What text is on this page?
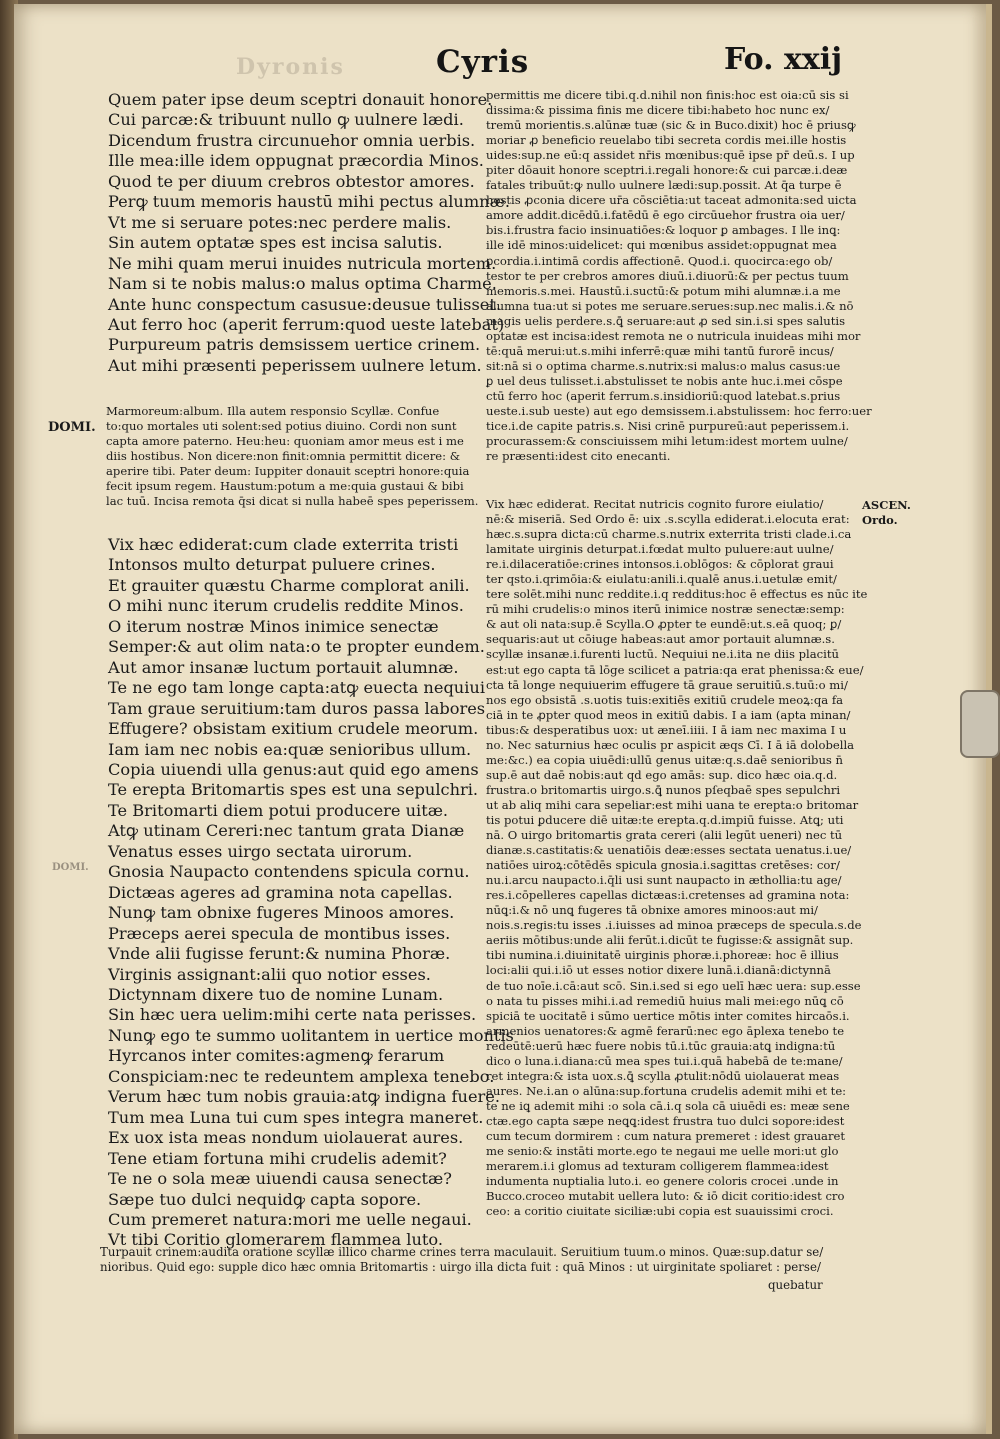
Dyronis	Cyris	Fo. xxij
Quem pater ipse deum sceptri donauit honore.
Cui parcæ:& tribuunt nullo ꝙ uulnere lædi.
Dicendum frustra circunuehor omnia uerbis.
Ille mea:ille idem oppugnat præcordia Minos.
Quod te per diuum crebros obtestor amores.
Perꝙ tuum memoris haustū mihi pectus alumnæ.
Vt me si seruare potes:nec perdere malis.
Sin autem optatæ spes est incisa salutis.
Ne mihi quam merui inuides nutricula mortem.
Nam si te nobis malus:o malus optima Charme.
Ante hunc conspectum casusue:deusue tulisset.
Aut ferro hoc (aperit ferrum:quod ueste latebat)
Purpureum patris demsissem uertice crinem.
Aut mihi præsenti peperissem uulnere letum.
Marmoreum:album. Illa autem responsio Scyllæ. Confue
to:quo mortales uti solent:sed potius diuino. Cordi non sunt
capta amore paterno. Heu:heu: quoniam amor meus est i me
diis hostibus. Non dicere:non finit:omnia permittit dicere: &
aperire tibi. Pater deum: Iuppiter donauit sceptri honore:quia
fecit ipsum regem. Haustum:potum a me:quia gustaui & bibi
lac tuū. Incisa remota q̄si dicat si nulla habeē spes peperissem.
Vix hæc ediderat:cum clade exterrita tristi
Intonsos multo deturpat puluere crines.
Et grauiter quæstu Charme complorat anili.
O mihi nunc iterum crudelis reddite Minos.
O iterum nostræ Minos inimice senectæ
Semper:& aut olim nata:o te propter eundem.
Aut amor insanæ luctum portauit alumnæ.
Te ne ego tam longe capta:atꝙ euecta nequiui
Tam graue seruitium:tam duros passa labores
Effugere? obsistam exitium crudele meorum.
Iam iam nec nobis ea:quæ senioribus ullum.
Copia uiuendi ulla genus:aut quid ego amens
Te erepta Britomartis spes est una sepulchri.
Te Britomarti diem potui producere uitæ.
Atꝙ utinam Cereri:nec tantum grata Dianæ
Venatus esses uirgo sectata uirorum.
Gnosia Naupacto contendens spicula cornu.
Dictæas ageres ad gramina nota capellas.
Nunꝙ tam obnixe fugeres Minoos amores.
Præceps aerei specula de montibus isses.
Vnde alii fugisse ferunt:& numina Phoræ.
Virginis assignant:alii quo notior esses.
Dictynnam dixere tuo de nomine Lunam.
Sin hæc uera uelim:mihi certe nata perisses.
Nunꝙ ego te summo uolitantem in uertice montis
Hyrcanos inter comites:agmenꝙ ferarum
Conspiciam:nec te redeuntem amplexa tenebo.
Verum hæc tum nobis grauia:atꝙ indigna fuere.
Tum mea Luna tui cum spes integra maneret.
Ex uox ista meas nondum uiolauerat aures.
Tene etiam fortuna mihi crudelis ademit?
Te ne o sola meæ uiuendi causa senectæ?
Sæpe tuo dulci nequidꝙ capta sopore.
Cum premeret natura:mori me uelle negaui.
Vt tibi Coritio glomerarem flammea luto.
permittis me dicere tibi.q.d.nihil non finis:hoc est oia:cū sis si
dissima:& pissima finis me dicere tibi:habeto hoc nunc ex/
tremū morientis.s.alūnæ tuæ (sic & in Buco.dixit) hoc ē priusꝙ
moriar ꝓ beneficio reuelabo tibi secreta cordis mei.ille hostis
uides:sup.ne eū:q assidet nr̄is mœnibus:quē ipse pr̄ deū.s. I up
piter dōauit honore sceptri.i.regali honore:& cui parcæ.i.deæ
fatales tribuūt:ꝙ nullo uulnere lædi:sup.possit. At q̄a turpe ē
hostis ꝓconia dicere ur̄a cōsciētia:ut taceat admonita:sed uicta
amore addit.dicēdū.i.fatēdū ē ego circūuehor frustra oia uer/
bis.i.frustra facio insinuatiōes:& loquor ꝑ ambages. I lle inꝗ:
ille idē minos:uidelicet: qui mœnibus assidet:oppugnat mea
ꝑcordia.i.intimā cordis affectionē. Quod.i. quocirca:ego ob/
testor te per crebros amores diuū.i.diuorū:& per pectus tuum
memoris.s.mei. Haustū.i.suctū:& potum mihi alumnæ.i.a me
alumna tua:ut si potes me seruare.serues:sup.nec malis.i.& nō
magis uelis perdere.s.ꝗ̄ seruare:aut ꝓ sed sin.i.si spes salutis
optatæ est incisa:idest remota ne o nutricula inuideas mihi mor
tē:quā merui:ut.s.mihi inferrē:quæ mihi tantū furorē incus/
sit:nā si o optima charme.s.nutrix:si malus:o malus casus:ue
ꝑ uel deus tulisset.i.abstulisset te nobis ante huc.i.mei cōspe
ctū ferro hoc (aperit ferrum.s.insidioriū:quod latebat.s.prius
ueste.i.sub ueste) aut ego demsissem.i.abstulissem: hoc ferro:uer
tice.i.de capite patris.s. Nisi crinē purpureū:aut peperissem.i.
procurassem:& consciuissem mihi letum:idest mortem uulne/
re præsenti:idest cito enecanti.
Vix hæc ediderat. Recitat nutricis cognito furore eiulatio/
nē:& miseriā. Sed Ordo ē: uix .s.scylla ediderat.i.elocuta erat:
hæc.s.supra dicta:cū charme.s.nutrix exterrita tristi clade.i.ca
lamitate uirginis deturpat.i.fœdat multo puluere:aut uulne/
re.i.dilaceratiōe:crines intonsos.i.oblōgos: & cōplorat graui
ter qsto.i.qrimōia:& eiulatu:anili.i.qualē anus.i.uetulæ emit/
tere solēt.mihi nunc reddite.i.q redditus:hoc ē effectus es nūc ite
rū mihi crudelis:o minos iterū inimice nostræ senectæ:semp:
& aut oli nata:sup.ē Scylla.O ꝓpter te eundē:ut.s.eā quoq; ꝑ/
sequaris:aut ut cōiuge habeas:aut amor portauit alumnæ.s.
scyllæ insanæ.i.furenti luctū. Nequiui ne.i.ita ne diis placitū
est:ut ego capta tā lōge scilicet a patria:qa erat phenissa:& eue/
cta tā longe nequiuerim effugere tā graue seruitiū.s.tuū:o mi/
nos ego obsistā .s.uotis tuis:exitiēs exitiū crudele meoꝝ:qa fa
ciā in te ꝓpter quod meos in exitiū dabis. I a iam (apta minan/
tibus:& desperatibus uox: ut æneī.iiii. I ā iam nec maxima I u
no. Nec saturnius hæc oculis pr aspicit æqs Cī. I ā iā dolobella
me:&c.) ea copia uiuēdi:ullū genus uitæ:q.s.daē senioribus n̄
sup.ē aut daē nobis:aut qd ego amās: sup. dico hæc oia.q.d.
frustra.o britomartis uirgo.s.ꝗ̄ nunos pſeqbaē spes sepulchri
ut ab aliq mihi cara sepeliar:est mihi uana te erepta:o britomar
tis potui ꝑducere diē uitæ:te erepta.q.d.impiū fuisse. Atꝗ; uti
nā. O uirgo britomartis grata cereri (alii legūt ueneri) nec tū
dianæ.s.castitatis:& uenatiōis deæ:esses sectata uenatus.i.ue/
natiōes uiroꝝ:cōtēdēs spicula gnosia.i.sagittas cretēses: cor/
nu.i.arcu naupacto.i.q̄li usi sunt naupacto in æthollia:tu age/
res.i.cōpelleres capellas dictæas:i.cretenses ad gramina nota:
nūꝗ:i.& nō unꝗ fugeres tā obnixe amores minoos:aut mi/
nois.s.regis:tu isses .i.iuisses ad minoa præceps de specula.s.de
aeriis mōtibus:unde alii ferūt.i.dicūt te fugisse:& assignāt sup.
tibi numina.i.diuinitatē uirginis phoræ.i.phoreæ: hoc ē illius
loci:alii qui.i.iō ut esses notior dixere lunā.i.dianā:dictynnā
de tuo noīe.i.cā:aut scō. Sin.i.sed si ego uelī hæc uera: sup.esse
o nata tu pisses mihi.i.ad remediū huius mali mei:ego nūꝗ cō
spiciā te uocitatē i sūmo uertice mōtis inter comites hircaōs.i.
armenios uenatores:& agmē ferarū:nec ego āplexa tenebo te
redeūtē:uerū hæc fuere nobis tū.i.tūc grauia:atꝗ indigna:tū
dico o luna.i.diana:cū mea spes tui.i.quā habebā de te:mane/
ret integra:& ista uox.s.ꝗ̄ scylla ꝓtulit:nōdū uiolauerat meas
aures. Ne.i.an o alūna:sup.fortuna crudelis ademit mihi et te:
te ne iꝗ ademit mihi :o sola cā.i.q sola cā uiuēdi es: meæ sene
ctæ.ego capta sæpe neꝗꝗ:idest frustra tuo dulci sopore:idest
cum tecum dormirem : cum natura premeret : idest grauaret
me senio:& instāti morte.ego te negaui me uelle mori:ut glo
merarem.i.i glomus ad texturam colligerem flammea:idest
indumenta nuptialia luto.i. eo genere coloris crocei .unde in
Bucco.croceo mutabit uellera luto: & iō dicit coritio:idest cro
ceo: a coritio ciuitate siciliæ:ubi copia est suauissimi croci.
Turpauit crinem:audita oratione scyllæ illico charme crines terra maculauit. Seruitium tuum.o minos. Quæ:sup.datur se/
nioribus. Quid ego: supple dico hæc omnia Britomartis : uirgo illa dicta fuit : quā Minos : ut uirginitate spoliaret : perse/
quebatur
DOMI.
ASCEN.
Ordo.
DOMI.
